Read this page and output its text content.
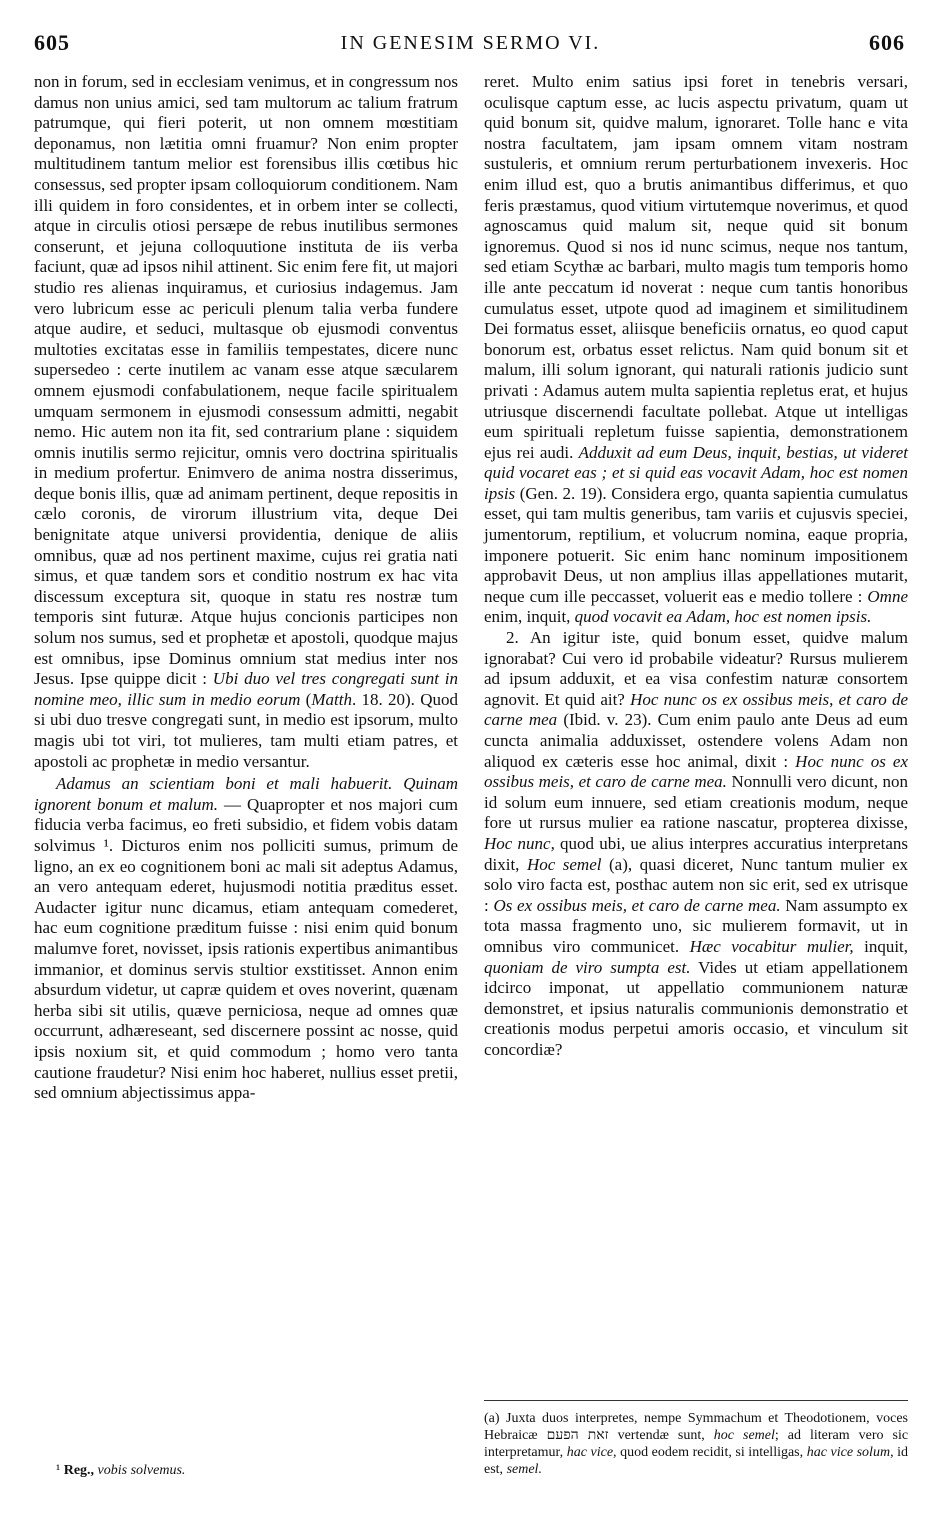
605	IN GENESIM SERMO VI.	606

non in forum, sed in ecclesiam venimus, et in congressum nos damus non unius amici, sed tam multorum ac talium fratrum patrumque, qui fieri poterit, ut non omnem mœstitiam deponamus, non lætitia omni fruamur? Non enim propter multitudinem tantum melior est forensibus illis cœtibus hic consessus, sed propter ipsam colloquiorum conditionem. Nam illi quidem in foro considentes, et in orbem inter se collecti, atque in circulis otiosi persæpe de rebus inutilibus sermones conserunt, et jejuna colloquutione instituta de iis verba faciunt, quæ ad ipsos nihil attinent. Sic enim fere fit, ut majori studio res alienas inquiramus, et curiosius indagemus. Jam vero lubricum esse ac periculi plenum talia verba fundere atque audire, et seduci, multasque ob ejusmodi conventus multoties excitatas esse in familiis tempestates, dicere nunc supersedeo : certe inutilem ac vanam esse atque sæcularem omnem ejusmodi confabulationem, neque facile spiritualem umquam sermonem in ejusmodi consessum admitti, negabit nemo. Hic autem non ita fit, sed contrarium plane : siquidem omnis inutilis sermo rejicitur, omnis vero doctrina spiritualis in medium profertur. Enimvero de anima nostra disserimus, deque bonis illis, quæ ad animam pertinent, deque repositis in cælo coronis, de virorum illustrium vita, deque Dei benignitate atque universi providentia, denique de aliis omnibus, quæ ad nos pertinent maxime, cujus rei gratia nati simus, et quæ tandem sors et conditio nostrum ex hac vita discessum exceptura sit, quoque in statu res nostræ tum temporis sint futuræ. Atque hujus concionis participes non solum nos sumus, sed et prophetæ et apostoli, quodque majus est omnibus, ipse Dominus omnium stat medius inter nos Jesus. Ipse quippe dicit : Ubi duo vel tres congregati sunt in nomine meo, illic sum in medio eorum (Matth. 18. 20). Quod si ubi duo tresve congregati sunt, in medio est ipsorum, multo magis ubi tot viri, tot mulieres, tam multi etiam patres, et apostoli ac prophetæ in medio versantur.

Adamus an scientiam boni et mali habuerit. Quinam ignorent bonum et malum. — Quapropter et nos majori cum fiducia verba facimus, eo freti subsidio, et fidem vobis datam solvimus ¹. Dicturos enim nos polliciti sumus, primum de ligno, an ex eo cognitionem boni ac mali sit adeptus Adamus, an vero antequam ederet, hujusmodi notitia præditus esset. Audacter igitur nunc dicamus, etiam antequam comederet, hac eum cognitione præditum fuisse : nisi enim quid bonum malumve foret, novisset, ipsis rationis expertibus animantibus immanior, et dominus servis stultior exstitisset. Annon enim absurdum videtur, ut capræ quidem et oves noverint, quænam herba sibi sit utilis, quæve perniciosa, neque ad omnes quæ occurrunt, adhæreseant, sed discernere possint ac nosse, quid ipsis noxium sit, et quid commodum ; homo vero tanta cautione fraudetur? Nisi enim hoc haberet, nullius esset pretii, sed omnium abjectissimus appa-

reret. Multo enim satius ipsi foret in tenebris versari, oculisque captum esse, ac lucis aspectu privatum, quam ut quid bonum sit, quidve malum, ignoraret. Tolle hanc e vita nostra facultatem, jam ipsam omnem vitam nostram sustuleris, et omnium rerum perturbationem invexeris. Hoc enim illud est, quo a brutis animantibus differimus, et quo feris præstamus, quod vitium virtutemque noverimus, et quod agnoscamus quid malum sit, neque quid sit bonum ignoremus. Quod si nos id nunc scimus, neque nos tantum, sed etiam Scythæ ac barbari, multo magis tum temporis homo ille ante peccatum id noverat : neque cum tantis honoribus cumulatus esset, utpote quod ad imaginem et similitudinem Dei formatus esset, aliisque beneficiis ornatus, eo quod caput bonorum est, orbatus esset relictus. Nam quid bonum sit et malum, illi solum ignorant, qui naturali rationis judicio sunt privati : Adamus autem multa sapientia repletus erat, et hujus utriusque discernendi facultate pollebat. Atque ut intelligas eum spirituali repletum fuisse sapientia, demonstrationem ejus rei audi. Adduxit ad eum Deus, inquit, bestias, ut videret quid vocaret eas ; et si quid eas vocavit Adam, hoc est nomen ipsis (Gen. 2. 19). Considera ergo, quanta sapientia cumulatus esset, qui tam multis generibus, tam variis et cujusvis speciei, jumentorum, reptilium, et volucrum nomina, eaque propria, imponere potuerit. Sic enim hanc nominum impositionem approbavit Deus, ut non amplius illas appellationes mutarit, neque cum ille peccasset, voluerit eas e medio tollere : Omne enim, inquit, quod vocavit ea Adam, hoc est nomen ipsis.

2. An igitur iste, quid bonum esset, quidve malum ignorabat? Cui vero id probabile videatur? Rursus mulierem ad ipsum adduxit, et ea visa confestim naturæ consortem agnovit. Et quid ait? Hoc nunc os ex ossibus meis, et caro de carne mea (Ibid. v. 23). Cum enim paulo ante Deus ad eum cuncta animalia adduxisset, ostendere volens Adam non aliquod ex cæteris esse hoc animal, dixit : Hoc nunc os ex ossibus meis, et caro de carne mea. Nonnulli vero dicunt, non id solum eum innuere, sed etiam creationis modum, neque fore ut rursus mulier ea ratione nascatur, propterea dixisse, Hoc nunc, quod ubi, ue alius interpres accuratius interpretans dixit, Hoc semel (a), quasi diceret, Nunc tantum mulier ex solo viro facta est, posthac autem non sic erit, sed ex utrisque : Os ex ossibus meis, et caro de carne mea. Nam assumpto ex tota massa fragmento uno, sic mulierem formavit, ut in omnibus viro communicet. Hæc vocabitur mulier, inquit, quoniam de viro sumpta est. Vides ut etiam appellationem idcirco imponat, ut appellatio communionem naturæ demonstret, et ipsius naturalis communionis demonstratio et creationis modus perpetui amoris occasio, et vinculum sit concordiæ?

(a) Juxta duos interpretes, nempe Symmachum et Theodotionem, voces Hebraicæ זאת הפעם vertendæ sunt, hoc semel; ad literam vero sic interpretamur, hac vice, quod eodem recidit, si intelligas, hac vice solum, id est, semel.
¹ Reg., vobis solvemus.
